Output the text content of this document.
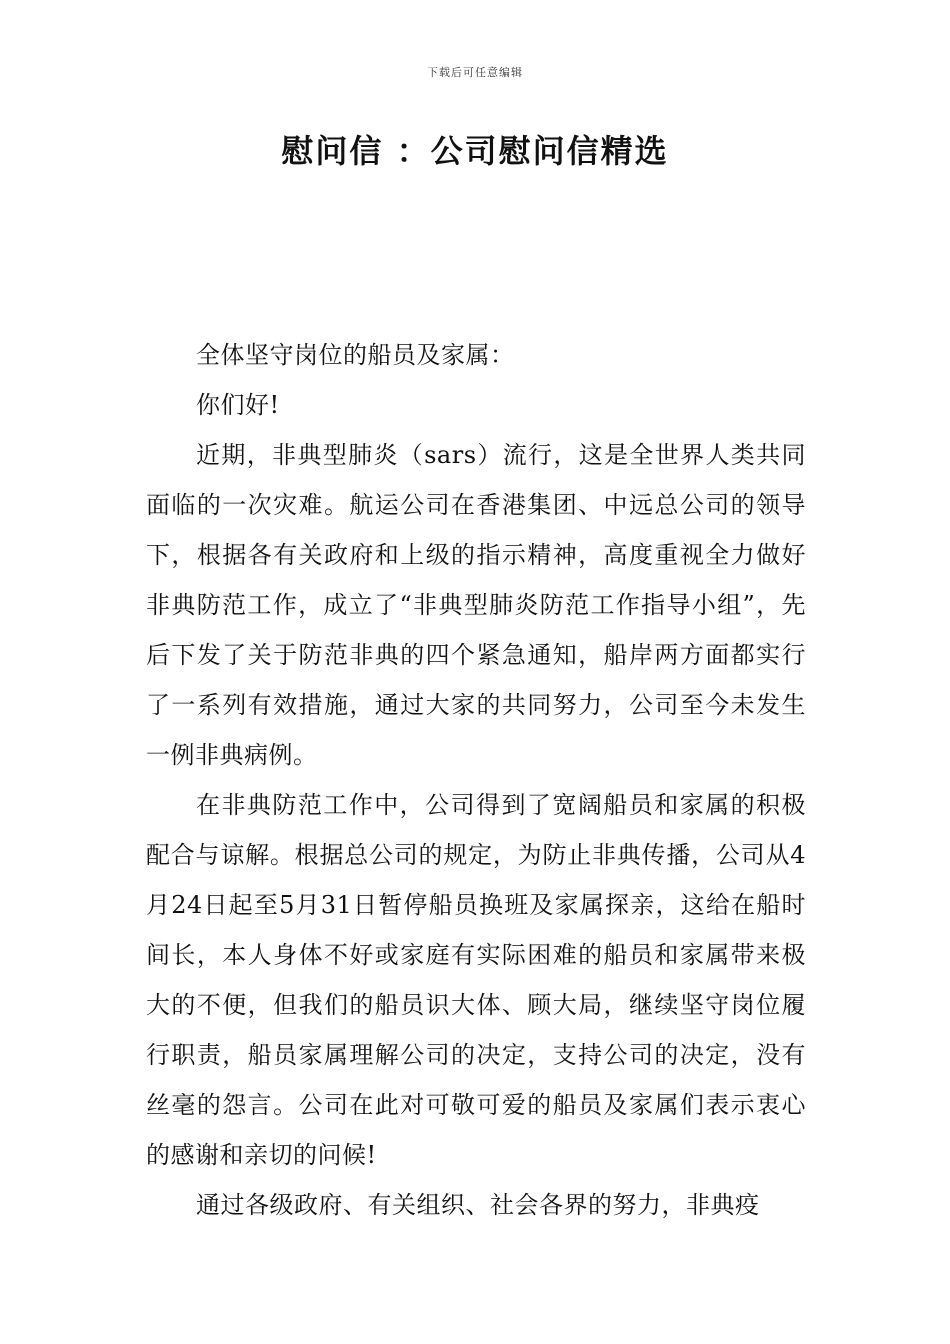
下载后可任意编辑
慰问信 ：公司慰问信精选

全体坚守岗位的船员及家属：

你们好!

近期，非典型肺炎（sars）流行，这是全世界人类共同面临的一次灾难。航运公司在香港集团、中远总公司的领导下，根据各有关政府和上级的指示精神，高度重视全力做好非典防范工作，成立了“非典型肺炎防范工作指导小组”，先后下发了关于防范非典的四个紧急通知，船岸两方面都实行了一系列有效措施，通过大家的共同努力，公司至今未发生一例非典病例。

在非典防范工作中，公司得到了宽阔船员和家属的积极配合与谅解。根据总公司的规定，为防止非典传播，公司从4月24日起至5月31日暂停船员换班及家属探亲，这给在船时间长，本人身体不好或家庭有实际困难的船员和家属带来极大的不便，但我们的船员识大体、顾大局，继续坚守岗位履行职责，船员家属理解公司的决定，支持公司的决定，没有丝毫的怨言。公司在此对可敬可爱的船员及家属们表示衷心的感谢和亲切的问候!

通过各级政府、有关组织、社会各界的努力，非典疫
